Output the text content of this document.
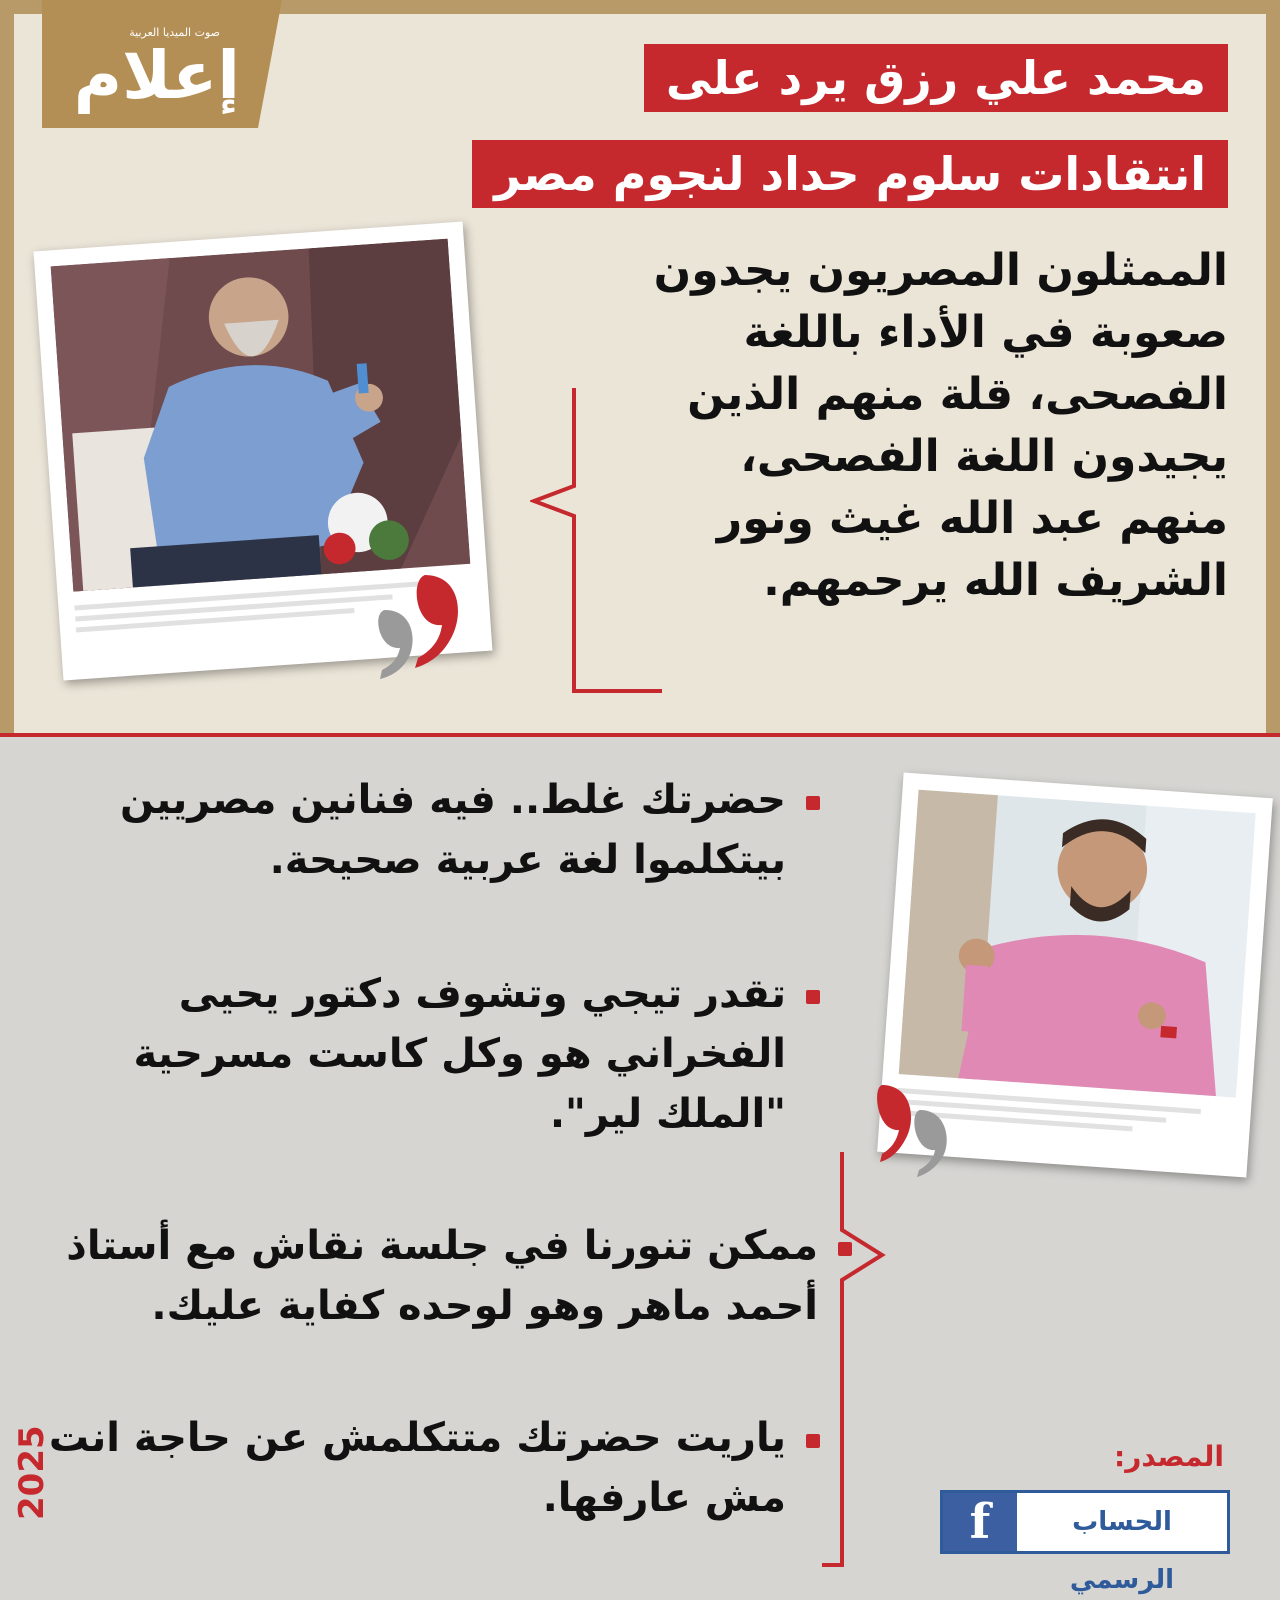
صوت الميديا العربية
إعلام	محمد علي رزق يرد على
انتقادات سلوم حداد لنجوم مصر
الممثلون المصريون يجدون
صعوبة في الأداء باللغة
الفصحى، قلة منهم الذين
يجيدون اللغة الفصحى،
منهم عبد الله غيث ونور
الشريف الله يرحمهم.
حضرتك غلط.. فيه فنانين مصريين
بيتكلموا لغة عربية صحيحة.
تقدر تيجي وتشوف دكتور يحيى
الفخراني هو وكل كاست مسرحية
"الملك لير".
ممكن تنورنا في جلسة نقاش مع أستاذ
أحمد ماهر وهو لوحده كفاية عليك.
ياريت حضرتك متتكلمش عن حاجة انت
مش عارفها.
المصدر:
f	الحساب الرسمي
2025
